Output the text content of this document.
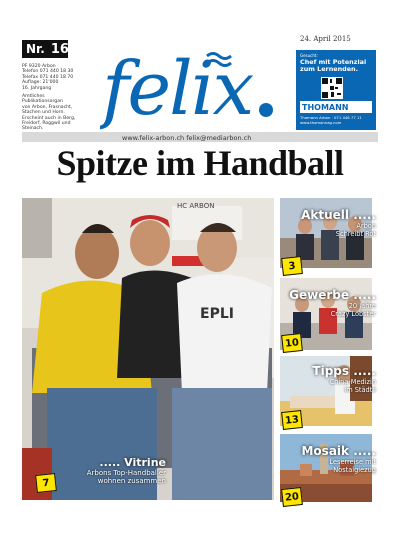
Nr. 16
24. April 2015
PF 9320 Arbon
Telefon 071 440 18 30
Telefax 071 440 18 70
Auflage: 21'000
16. Jahrgang
Amtliches
Publikationsorgan
von Arbon, Frasnacht,
Stachen und Horn.
Erscheint auch in Berg,
Freidorf, Roggwil und
Steinach. felix	Gesucht:
Chef mit Potenzial zum Lernenden.
THOMANN
Thomann Arbon · 071 446 77 11
www.thomannag.com
www.felix-arbon.ch felix@mediarbon.ch
Spitze im Handball
HC ARBON
EPLI
..... Vitrine
Arbons Top-Handballer
wohnen zusammen
7
Aktuell .....
Arbon
Schreibt Rot
3
Gewerbe .....
20 Jahre
Crazy Lobster
10
Tipps .....
China-Medizin
im Städtli
13
Mosaik .....
Leserreise mit
Nostalgiezug
20
